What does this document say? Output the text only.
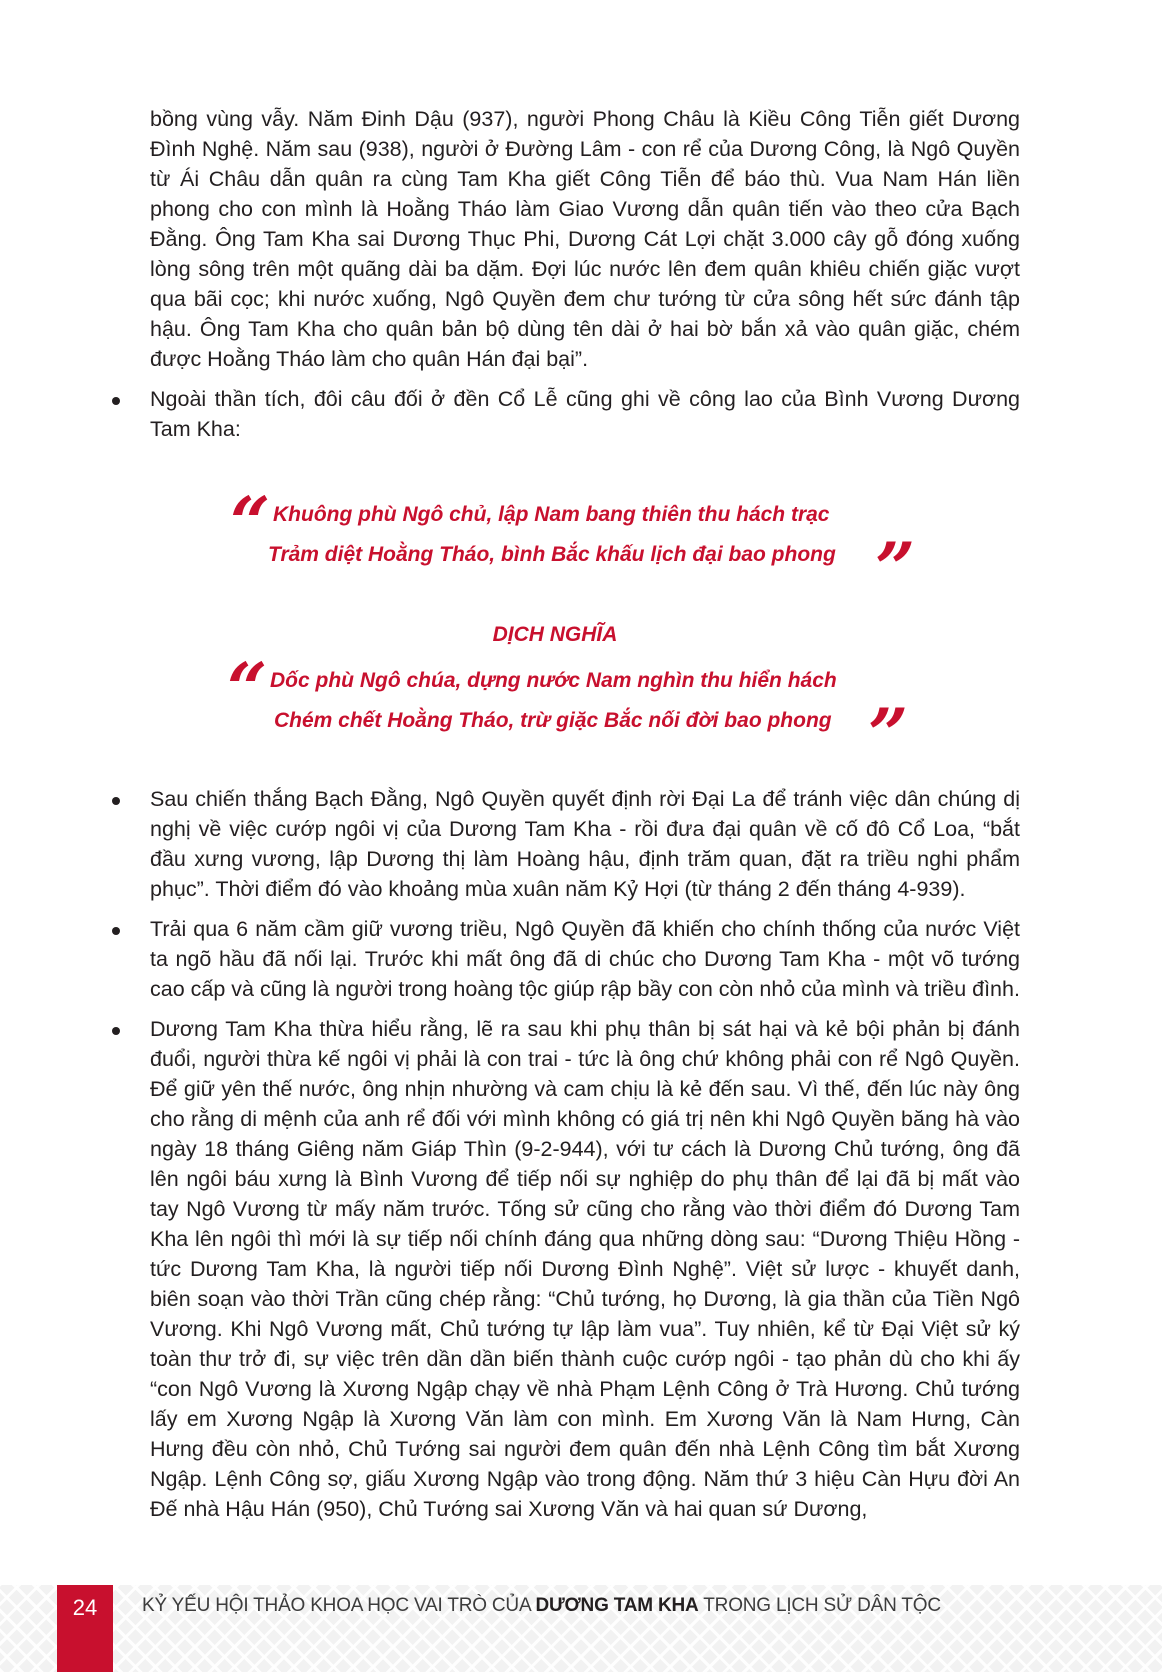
bồng vùng vẫy. Năm Đinh Dậu (937), người Phong Châu là Kiều Công Tiễn giết Dương Đình Nghệ. Năm sau (938), người ở Đường Lâm - con rể của Dương Công, là Ngô Quyền từ Ái Châu dẫn quân ra cùng Tam Kha giết Công Tiễn để báo thù. Vua Nam Hán liền phong cho con mình là Hoằng Tháo làm Giao Vương dẫn quân tiến vào theo cửa Bạch Đằng. Ông Tam Kha sai Dương Thục Phi, Dương Cát Lợi chặt 3.000 cây gỗ đóng xuống lòng sông trên một quãng dài ba dặm. Đợi lúc nước lên đem quân khiêu chiến giặc vượt qua bãi cọc; khi nước xuống, Ngô Quyền đem chư tướng từ cửa sông hết sức đánh tập hậu. Ông Tam Kha cho quân bản bộ dùng tên dài ở hai bờ bắn xả vào quân giặc, chém được Hoằng Tháo làm cho quân Hán đại bại”.

Ngoài thần tích, đôi câu đối ở đền Cổ Lễ cũng ghi về công lao của Bình Vương Dương Tam Kha:
“ Khuông phù Ngô chủ, lập Nam bang thiên thu hách trạc
Trảm diệt Hoằng Tháo, bình Bắc khấu lịch đại bao phong ”
DỊCH NGHĨA
“ Dốc phù Ngô chúa, dựng nước Nam nghìn thu hiển hách
Chém chết Hoằng Tháo, trừ giặc Bắc nối đời bao phong ”
Sau chiến thắng Bạch Đằng, Ngô Quyền quyết định rời Đại La để tránh việc dân chúng dị nghị về việc cướp ngôi vị của Dương Tam Kha - rồi đưa đại quân về cố đô Cổ Loa, “bắt đầu xưng vương, lập Dương thị làm Hoàng hậu, định trăm quan, đặt ra triều nghi phẩm phục”. Thời điểm đó vào khoảng mùa xuân năm Kỷ Hợi (từ tháng 2 đến tháng 4-939).
Trải qua 6 năm cầm giữ vương triều, Ngô Quyền đã khiến cho chính thống của nước Việt ta ngõ hầu đã nối lại. Trước khi mất ông đã di chúc cho Dương Tam Kha - một võ tướng cao cấp và cũng là người trong hoàng tộc giúp rập bầy con còn nhỏ của mình và triều đình.
Dương Tam Kha thừa hiểu rằng, lẽ ra sau khi phụ thân bị sát hại và kẻ bội phản bị đánh đuổi, người thừa kế ngôi vị phải là con trai - tức là ông chứ không phải con rể Ngô Quyền. Để giữ yên thế nước, ông nhịn nhường và cam chịu là kẻ đến sau. Vì thế, đến lúc này ông cho rằng di mệnh của anh rể đối với mình không có giá trị nên khi Ngô Quyền băng hà vào ngày 18 tháng Giêng năm Giáp Thìn (9-2-944), với tư cách là Dương Chủ tướng, ông đã lên ngôi báu xưng là Bình Vương để tiếp nối sự nghiệp do phụ thân để lại đã bị mất vào tay Ngô Vương từ mấy năm trước. Tống sử cũng cho rằng vào thời điểm đó Dương Tam Kha lên ngôi thì mới là sự tiếp nối chính đáng qua những dòng sau: “Dương Thiệu Hồng - tức Dương Tam Kha, là người tiếp nối Dương Đình Nghệ”. Việt sử lược - khuyết danh, biên soạn vào thời Trần cũng chép rằng: “Chủ tướng, họ Dương, là gia thần của Tiền Ngô Vương. Khi Ngô Vương mất, Chủ tướng tự lập làm vua”. Tuy nhiên, kể từ Đại Việt sử ký toàn thư trở đi, sự việc trên dần dần biến thành cuộc cướp ngôi - tạo phản dù cho khi ấy “con Ngô Vương là Xương Ngập chạy về nhà Phạm Lệnh Công ở Trà Hương. Chủ tướng lấy em Xương Ngập là Xương Văn làm con mình. Em Xương Văn là Nam Hưng, Càn Hưng đều còn nhỏ, Chủ Tướng sai người đem quân đến nhà Lệnh Công tìm bắt Xương Ngập. Lệnh Công sợ, giấu Xương Ngập vào trong động. Năm thứ 3 hiệu Càn Hựu đời An Đế nhà Hậu Hán (950), Chủ Tướng sai Xương Văn và hai quan sứ Dương,
24	KỶ YẾU HỘI THẢO KHOA HỌC VAI TRÒ CỦA DƯƠNG TAM KHA TRONG LỊCH SỬ DÂN TỘC
